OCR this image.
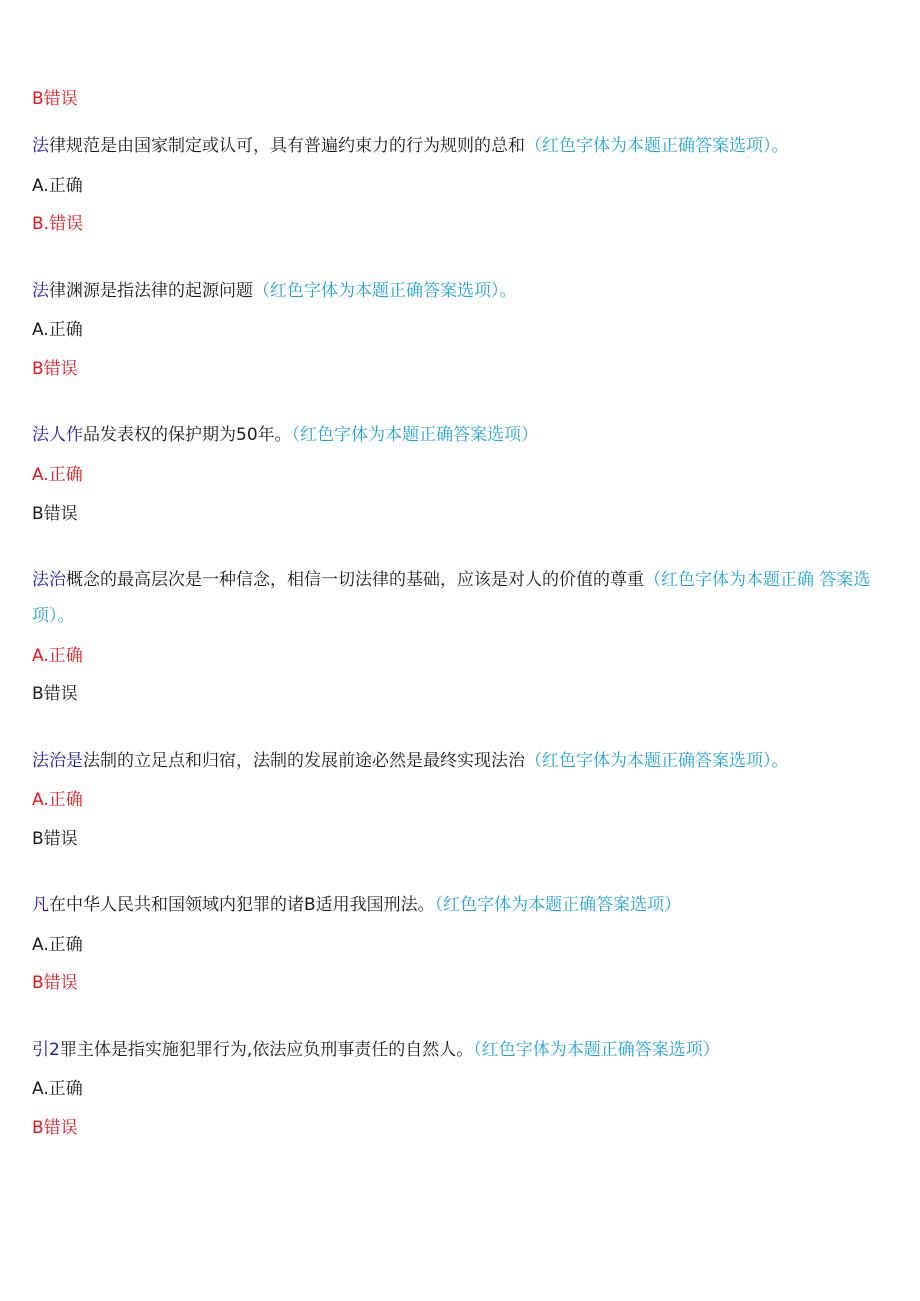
B错误
法律规范是由国家制定或认可，具有普遍约束力的行为规则的总和（红色字体为本题正确答案选项）。
A.正确
B.错误
法律渊源是指法律的起源问题（红色字体为本题正确答案选项）。
A.正确
B错误
法人作品发表权的保护期为50年。（红色字体为本题正确答案选项）
A.正确
B错误
法治概念的最高层次是一种信念，相信一切法律的基础，应该是对人的价值的尊重（红色字体为本题正确 答案选项）。
A.正确
B错误
法治是法制的立足点和归宿，法制的发展前途必然是最终实现法治（红色字体为本题正确答案选项）。
A.正确
B错误
凡在中华人民共和国领域内犯罪的诸B适用我国刑法。（红色字体为本题正确答案选项）
A.正确
B错误
引2罪主体是指实施犯罪行为,依法应负刑事责任的自然人。（红色字体为本题正确答案选项）
A.正确
B错误
